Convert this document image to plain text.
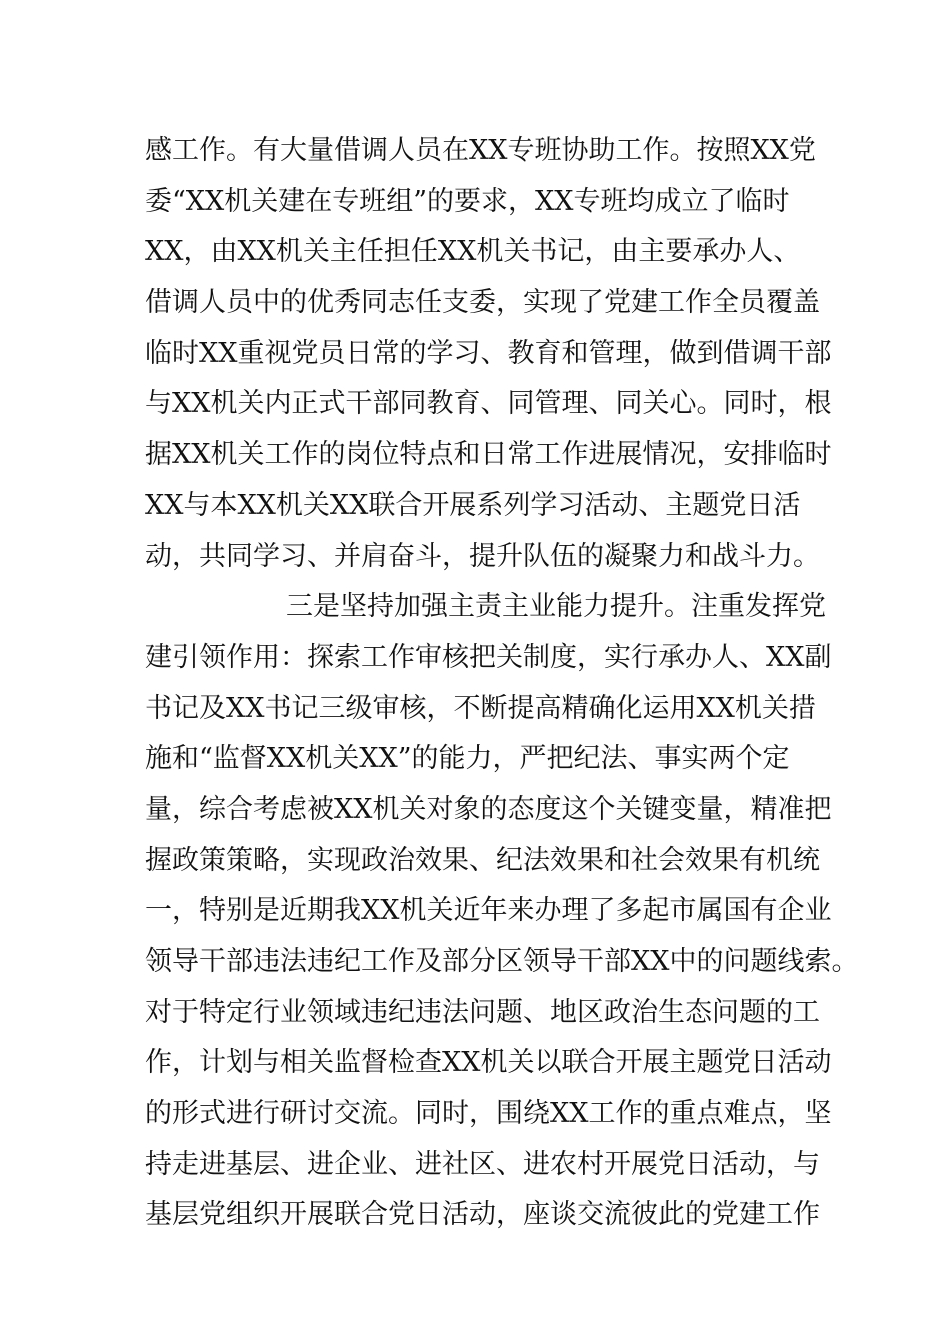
感工作。有大量借调人员在XX专班协助工作。按照XX党
委“XX机关建在专班组”的要求，XX专班均成立了临时
XX，由XX机关主任担任XX机关书记，由主要承办人、
借调人员中的优秀同志任支委，实现了党建工作全员覆盖
临时XX重视党员日常的学习、教育和管理，做到借调干部
与XX机关内正式干部同教育、同管理、同关心。同时，根
据XX机关工作的岗位特点和日常工作进展情况，安排临时
XX与本XX机关XX联合开展系列学习活动、主题党日活
动，共同学习、并肩奋斗，提升队伍的凝聚力和战斗力。
三是坚持加强主责主业能力提升。注重发挥党
建引领作用：探索工作审核把关制度，实行承办人、XX副
书记及XX书记三级审核，不断提高精确化运用XX机关措
施和“监督XX机关XX”的能力，严把纪法、事实两个定
量，综合考虑被XX机关对象的态度这个关键变量，精准把
握政策策略，实现政治效果、纪法效果和社会效果有机统
一，特别是近期我XX机关近年来办理了多起市属国有企业
领导干部违法违纪工作及部分区领导干部XX中的问题线索。
对于特定行业领域违纪违法问题、地区政治生态问题的工
作，计划与相关监督检查XX机关以联合开展主题党日活动
的形式进行研讨交流。同时，围绕XX工作的重点难点，坚
持走进基层、进企业、进社区、进农村开展党日活动，与
基层党组织开展联合党日活动，座谈交流彼此的党建工作
